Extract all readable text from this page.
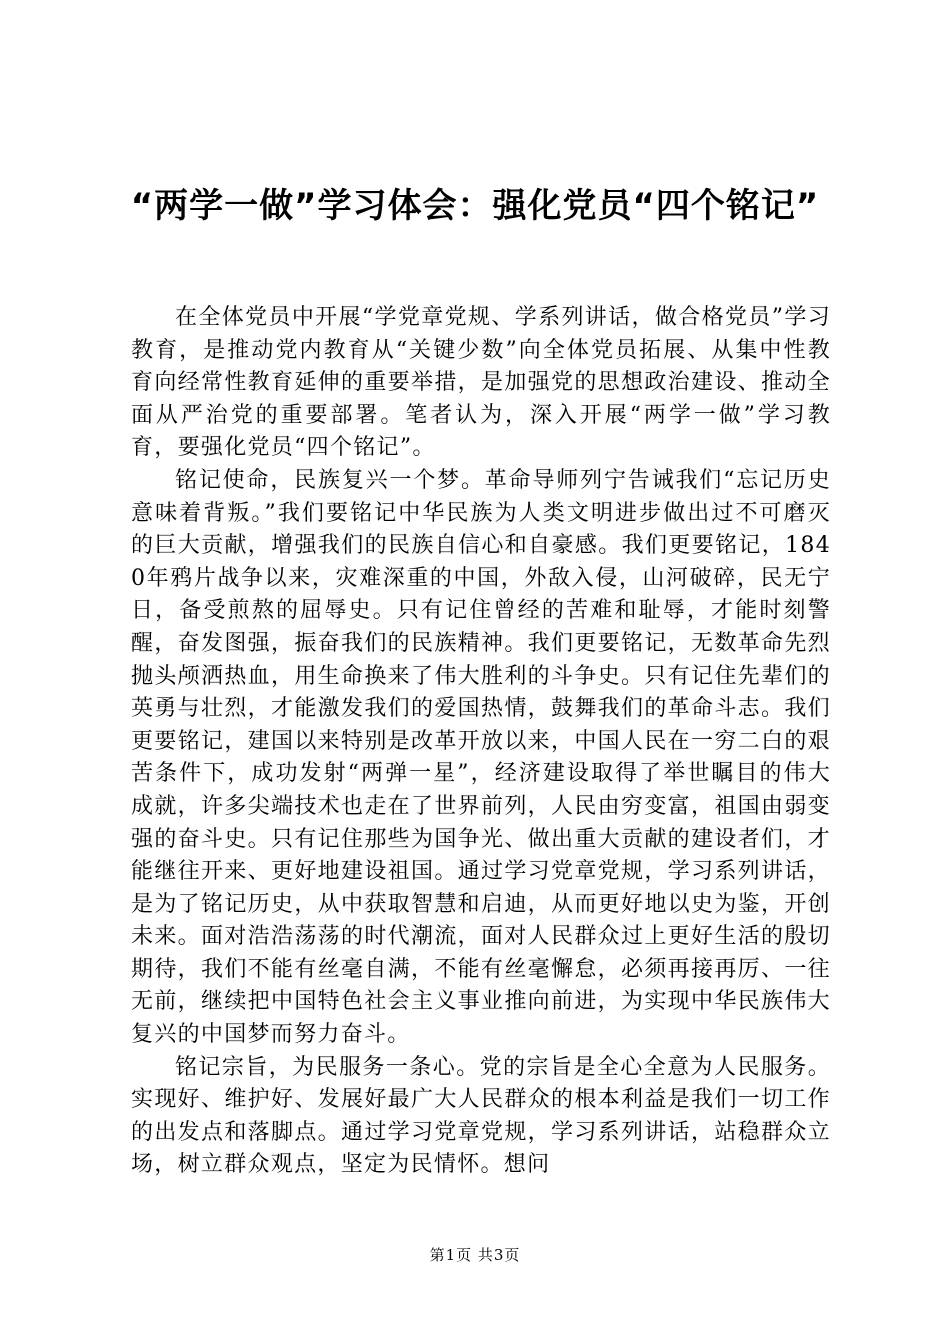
“两学一做”学习体会：强化党员“四个铭记”

在全体党员中开展“学党章党规、学系列讲话，做合格党员”学习教育，是推动党内教育从“关键少数”向全体党员拓展、从集中性教育向经常性教育延伸的重要举措，是加强党的思想政治建设、推动全面从严治党的重要部署。笔者认为，深入开展“两学一做”学习教育，要强化党员“四个铭记”。

铭记使命，民族复兴一个梦。革命导师列宁告诫我们“忘记历史意味着背叛。”我们要铭记中华民族为人类文明进步做出过不可磨灭的巨大贡献，增强我们的民族自信心和自豪感。我们更要铭记，1840年鸦片战争以来，灾难深重的中国，外敌入侵，山河破碎，民无宁日，备受煎熬的屈辱史。只有记住曾经的苦难和耻辱，才能时刻警醒，奋发图强，振奋我们的民族精神。我们更要铭记，无数革命先烈抛头颅洒热血，用生命换来了伟大胜利的斗争史。只有记住先辈们的英勇与壮烈，才能激发我们的爱国热情，鼓舞我们的革命斗志。我们更要铭记，建国以来特别是改革开放以来，中国人民在一穷二白的艰苦条件下，成功发射“两弹一星”，经济建设取得了举世瞩目的伟大成就，许多尖端技术也走在了世界前列，人民由穷变富，祖国由弱变强的奋斗史。只有记住那些为国争光、做出重大贡献的建设者们，才能继往开来、更好地建设祖国。通过学习党章党规，学习系列讲话，是为了铭记历史，从中获取智慧和启迪，从而更好地以史为鉴，开创未来。面对浩浩荡荡的时代潮流，面对人民群众过上更好生活的殷切期待，我们不能有丝毫自满，不能有丝毫懈怠，必须再接再厉、一往无前，继续把中国特色社会主义事业推向前进，为实现中华民族伟大复兴的中国梦而努力奋斗。

铭记宗旨，为民服务一条心。党的宗旨是全心全意为人民服务。实现好、维护好、发展好最广大人民群众的根本利益是我们一切工作的出发点和落脚点。通过学习党章党规，学习系列讲话，站稳群众立场，树立群众观点，坚定为民情怀。想问

第1页 共3页
